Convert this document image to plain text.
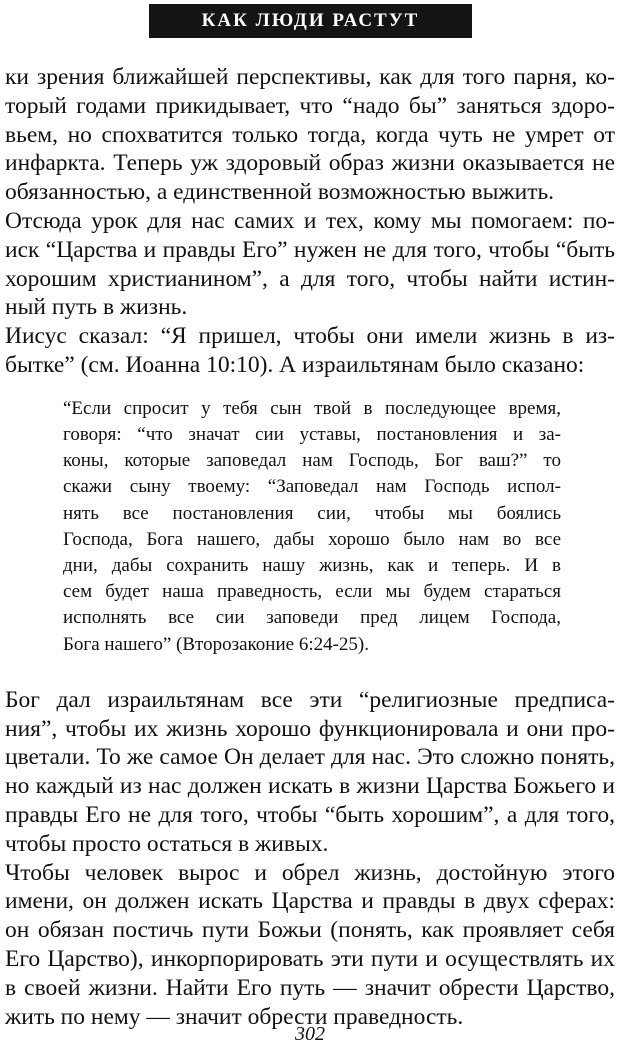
КАК ЛЮДИ РАСТУТ
ки зрения ближайшей перспективы, как для того парня, ко-
торый годами прикидывает, что “надо бы” заняться здоро-
вьем, но спохватится только тогда, когда чуть не умрет от
инфаркта. Теперь уж здоровый образ жизни оказывается не
обязанностью, а единственной возможностью выжить.
Отсюда урок для нас самих и тех, кому мы помогаем: по-
иск “Царства и правды Его” нужен не для того, чтобы “быть
хорошим христианином”, а для того, чтобы найти истин-
ный путь в жизнь.
Иисус сказал: “Я пришел, чтобы они имели жизнь в из-
бытке” (см. Иоанна 10:10). А израильтянам было сказано:
“Если спросит у тебя сын твой в последующее время,
говоря: “что значат сии уставы, постановления и за-
коны, которые заповедал нам Господь, Бог ваш?” то
скажи сыну твоему: “Заповедал нам Господь испол-
нять все постановления сии, чтобы мы боялись
Господа, Бога нашего, дабы хорошо было нам во все
дни, дабы сохранить нашу жизнь, как и теперь. И в
сем будет наша праведность, если мы будем стараться
исполнять все сии заповеди пред лицем Господа,
Бога нашего” (Второзаконие 6:24-25).
Бог дал израильтянам все эти “религиозные предписа-
ния”, чтобы их жизнь хорошо функционировала и они про-
цветали. То же самое Он делает для нас. Это сложно понять,
но каждый из нас должен искать в жизни Царства Божьего и
правды Его не для того, чтобы “быть хорошим”, а для того,
чтобы просто остаться в живых.
Чтобы человек вырос и обрел жизнь, достойную этого
имени, он должен искать Царства и правды в двух сферах:
он обязан постичь пути Божьи (понять, как проявляет себя
Его Царство), инкорпорировать эти пути и осуществлять их
в своей жизни. Найти Его путь — значит обрести Царство,
жить по нему — значит обрести праведность.
302
